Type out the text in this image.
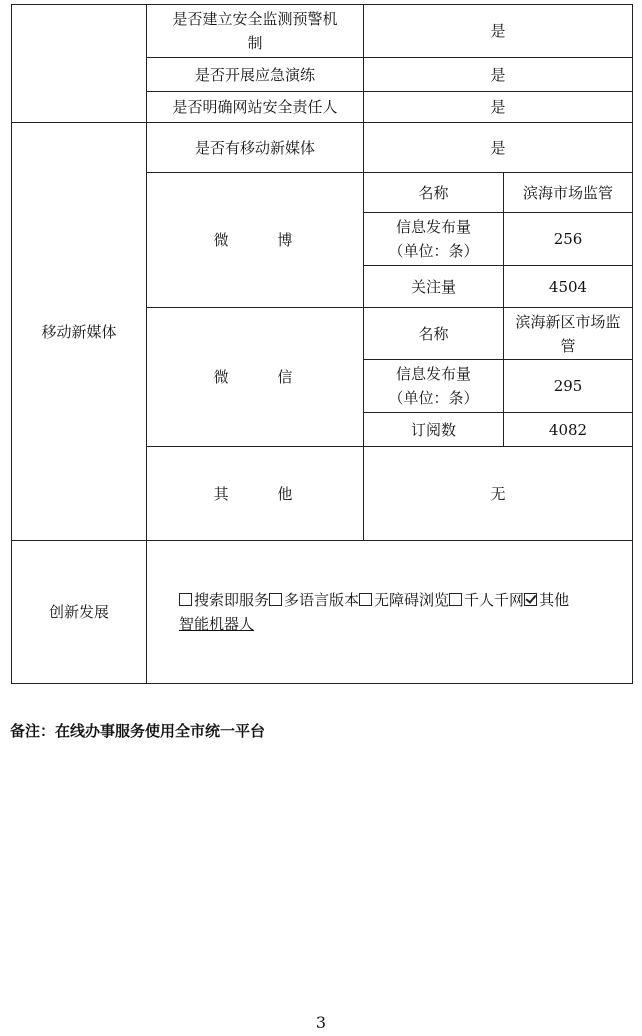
	是否建立安全监测预警机制	是	
	是否开展应急演练	是	
	是否明确网站安全责任人	是	
移动新媒体	是否有移动新媒体	是	
	微 博	名称	滨海市场监管
		信息发布量（单位：条）	256
		关注量	4504
	微 信	名称	滨海新区市场监管
		信息发布量（单位：条）	295
		订阅数	4082
	其 他	无	
创新发展	搜索即服务 多语言版本 无障碍浏览 千人千网 其他
智能机器人		
备注：在线办事服务使用全市统一平台
3
